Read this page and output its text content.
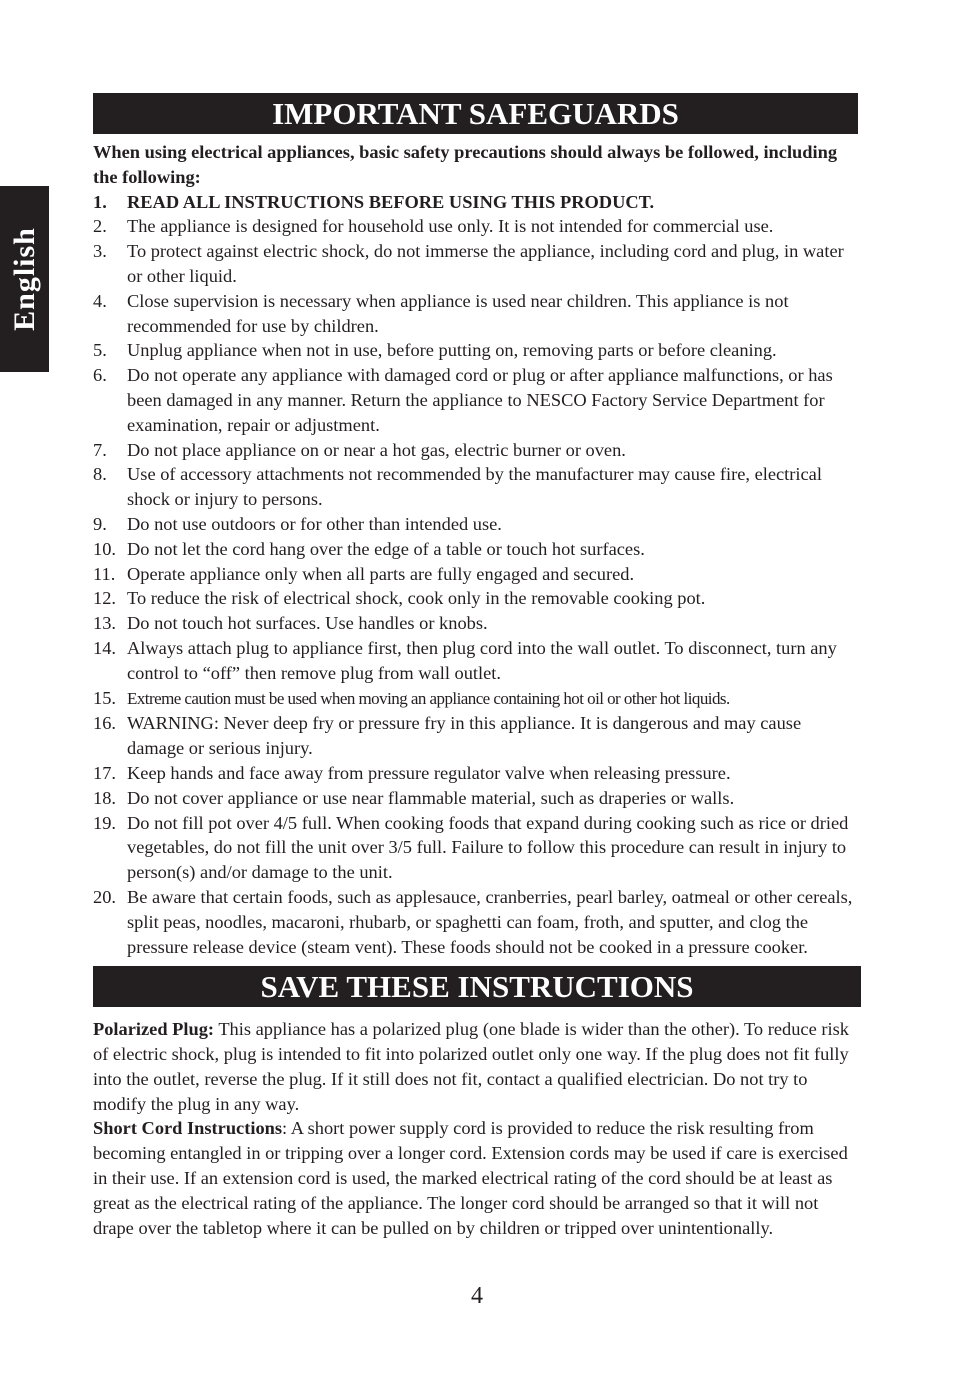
English
IMPORTANT SAFEGUARDS

When using electrical appliances, basic safety precautions should always be followed, including the following:

1. READ ALL INSTRUCTIONS BEFORE USING THIS PRODUCT.
2. The appliance is designed for household use only. It is not intended for commercial use.
3. To protect against electric shock, do not immerse the appliance, including cord and plug, in water or other liquid.
4. Close supervision is necessary when appliance is used near children. This appliance is not recommended for use by children.
5. Unplug appliance when not in use, before putting on, removing parts or before cleaning.
6. Do not operate any appliance with damaged cord or plug or after appliance malfunctions, or has been damaged in any manner. Return the appliance to NESCO Factory Service Department for examination, repair or adjustment.
7. Do not place appliance on or near a hot gas, electric burner or oven.
8. Use of accessory attachments not recommended by the manufacturer may cause fire, electrical shock or injury to persons.
9. Do not use outdoors or for other than intended use.
10. Do not let the cord hang over the edge of a table or touch hot surfaces.
11. Operate appliance only when all parts are fully engaged and secured.
12. To reduce the risk of electrical shock, cook only in the removable cooking pot.
13. Do not touch hot surfaces. Use handles or knobs.
14. Always attach plug to appliance first, then plug cord into the wall outlet. To disconnect, turn any control to “off” then remove plug from wall outlet.
15. Extreme caution must be used when moving an appliance containing hot oil or other hot liquids.
16. WARNING: Never deep fry or pressure fry in this appliance. It is dangerous and may cause damage or serious injury.
17. Keep hands and face away from pressure regulator valve when releasing pressure.
18. Do not cover appliance or use near flammable material, such as draperies or walls.
19. Do not fill pot over 4/5 full. When cooking foods that expand during cooking such as rice or dried vegetables, do not fill the unit over 3/5 full. Failure to follow this procedure can result in injury to person(s) and/or damage to the unit.
20. Be aware that certain foods, such as applesauce, cranberries, pearl barley, oatmeal or other cereals, split peas, noodles, macaroni, rhubarb, or spaghetti can foam, froth, and sputter, and clog the pressure release device (steam vent). These foods should not be cooked in a pressure cooker.
SAVE THESE INSTRUCTIONS

Polarized Plug: This appliance has a polarized plug (one blade is wider than the other). To reduce risk of electric shock, plug is intended to fit into polarized outlet only one way. If the plug does not fit fully into the outlet, reverse the plug. If it still does not fit, contact a qualified electrician. Do not try to modify the plug in any way.

Short Cord Instructions: A short power supply cord is provided to reduce the risk resulting from becoming entangled in or tripping over a longer cord. Extension cords may be used if care is exercised in their use. If an extension cord is used, the marked electrical rating of the cord should be at least as great as the electrical rating of the appliance. The longer cord should be arranged so that it will not drape over the tabletop where it can be pulled on by children or tripped over unintentionally.

4
